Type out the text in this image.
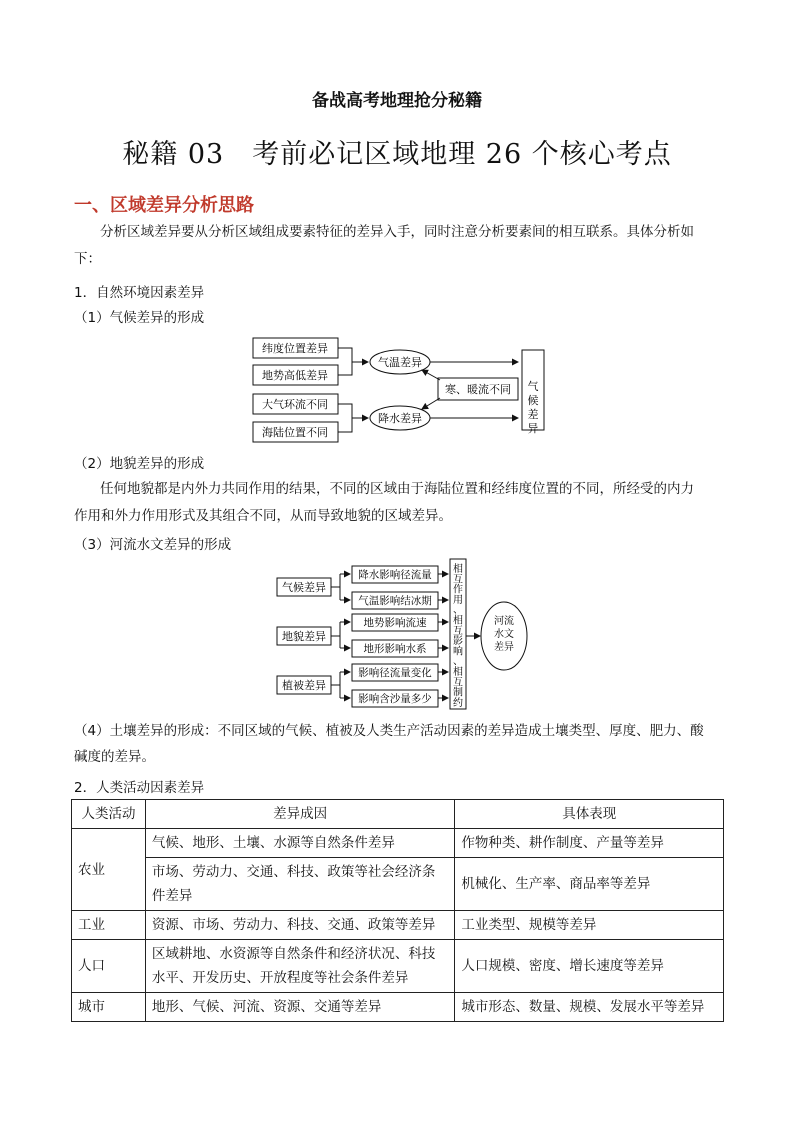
备战高考地理抢分秘籍
秘籍 03　考前必记区域地理 26 个核心考点
一、区域差异分析思路
分析区域差异要从分析区域组成要素特征的差异入手，同时注意分析要素间的相互联系。具体分析如
下：
1．自然环境因素差异
（1）气候差异的形成
纬度位置差异
地势高低差异
大气环流不同
海陆位置不同
气温差异
降水差异
寒、暖流不同 气候差异
（2）地貌差异的形成
任何地貌都是内外力共同作用的结果，不同的区域由于海陆位置和经纬度位置的不同，所经受的内力
作用和外力作用形式及其组合不同，从而导致地貌的区域差异。
（3）河流水文差异的形成
气候差异
地貌差异
植被差异
降水影响径流量
气温影响结冰期
地势影响流速
地形影响水系
影响径流量变化
影响含沙量多少
相互作用、相互影响、相互制约
河流水文差异
（4）土壤差异的形成：不同区域的气候、植被及人类生产活动因素的差异造成土壤类型、厚度、肥力、酸
碱度的差异。
2．人类活动因素差异
人类活动	差异成因	具体表现
农业	气候、地形、土壤、水源等自然条件差异	作物种类、耕作制度、产量等差异
	市场、劳动力、交通、科技、政策等社会经济条件差异	机械化、生产率、商品率等差异
工业	资源、市场、劳动力、科技、交通、政策等差异	工业类型、规模等差异
人口	区域耕地、水资源等自然条件和经济状况、科技水平、开发历史、开放程度等社会条件差异	人口规模、密度、增长速度等差异
城市	地形、气候、河流、资源、交通等差异	城市形态、数量、规模、发展水平等差异
